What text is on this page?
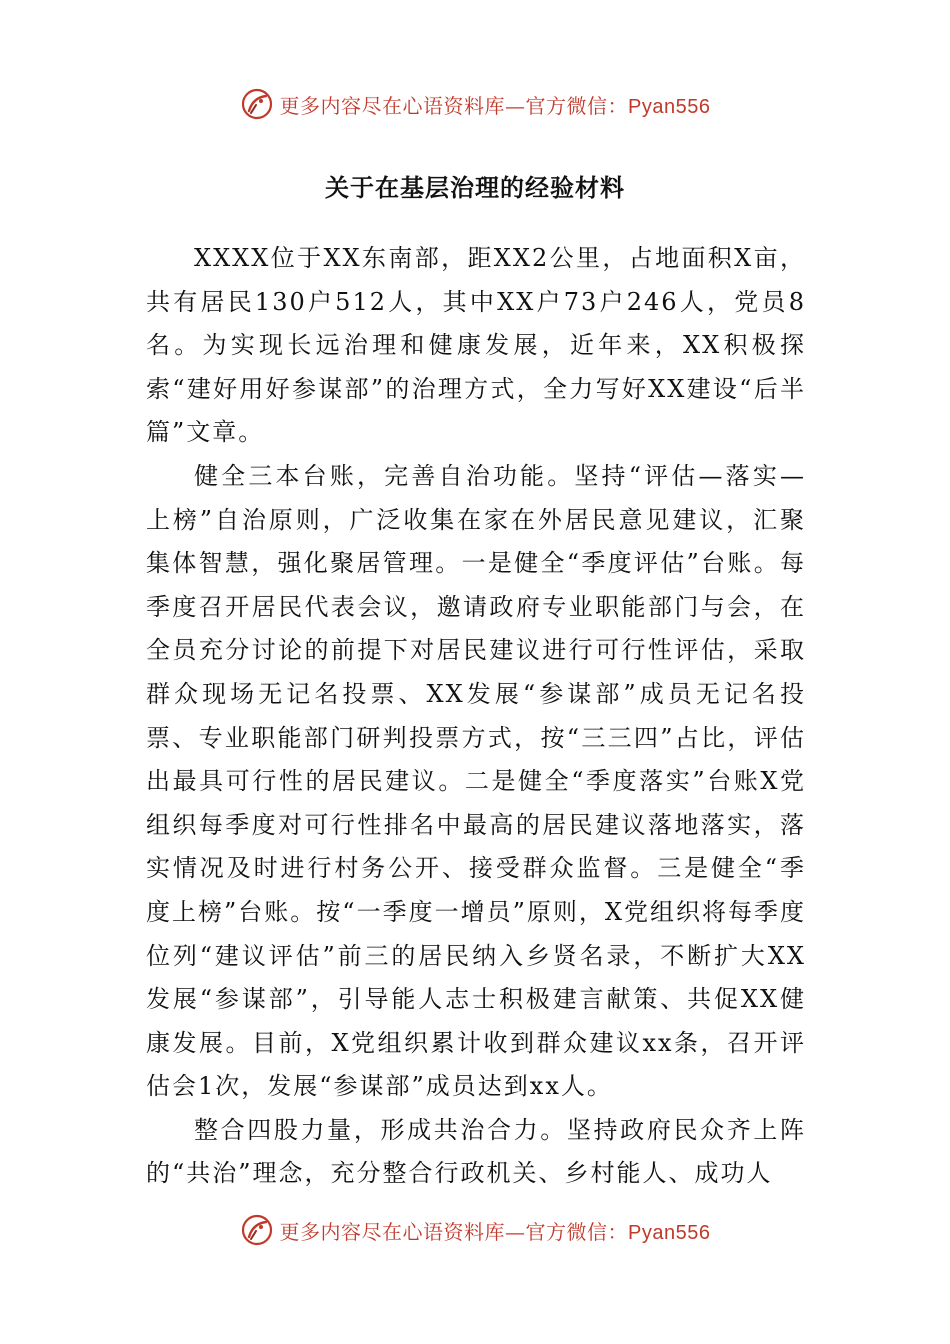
更多内容尽在心语资料库—官方微信：Pyan556
关于在基层治理的经验材料

XXXX位于XX东南部，距XX2公里，占地面积X亩，共有居民130户512人，其中XX户73户246人，党员8名。为实现长远治理和健康发展，近年来，XX积极探索“建好用好参谋部”的治理方式，全力写好XX建设“后半篇”文章。

健全三本台账，完善自治功能。坚持“评估—落实—上榜”自治原则，广泛收集在家在外居民意见建议，汇聚集体智慧，强化聚居管理。一是健全“季度评估”台账。每季度召开居民代表会议，邀请政府专业职能部门与会，在全员充分讨论的前提下对居民建议进行可行性评估，采取群众现场无记名投票、XX发展“参谋部”成员无记名投票、专业职能部门研判投票方式，按“三三四”占比，评估出最具可行性的居民建议。二是健全“季度落实”台账X党组织每季度对可行性排名中最高的居民建议落地落实，落实情况及时进行村务公开、接受群众监督。三是健全“季度上榜”台账。按“一季度一增员”原则，X党组织将每季度位列“建议评估”前三的居民纳入乡贤名录，不断扩大XX发展“参谋部”，引导能人志士积极建言献策、共促XX健康发展。目前，X党组织累计收到群众建议xx条，召开评估会1次，发展“参谋部”成员达到xx人。

整合四股力量，形成共治合力。坚持政府民众齐上阵的“共治”理念，充分整合行政机关、乡村能人、成功人

更多内容尽在心语资料库—官方微信：Pyan556
